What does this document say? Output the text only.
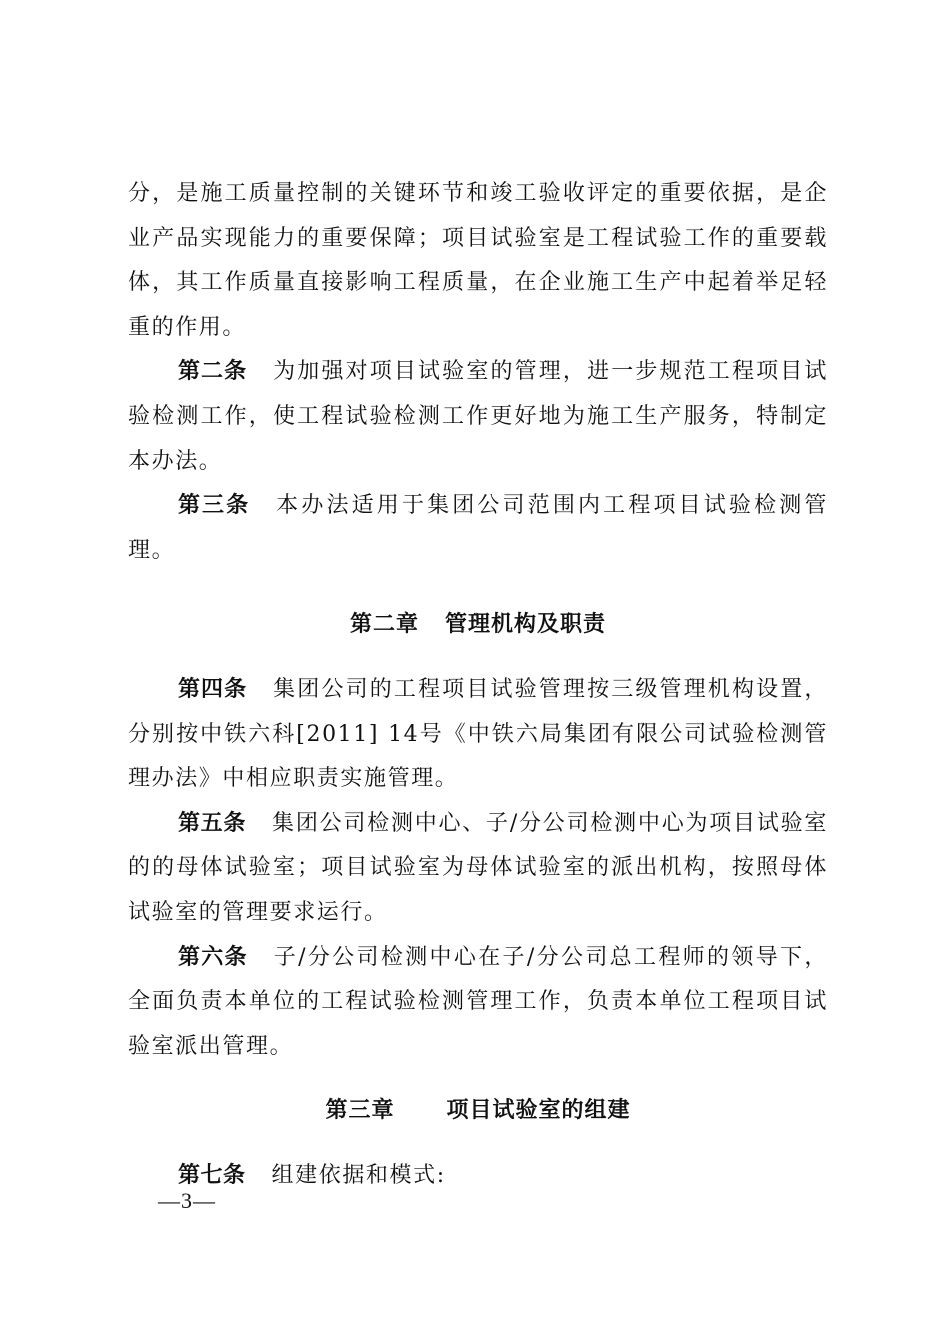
分，是施工质量控制的关键环节和竣工验收评定的重要依据，是企业产品实现能力的重要保障；项目试验室是工程试验工作的重要载体，其工作质量直接影响工程质量，在企业施工生产中起着举足轻重的作用。

第二条 为加强对项目试验室的管理，进一步规范工程项目试验检测工作，使工程试验检测工作更好地为施工生产服务，特制定本办法。

第三条 本办法适用于集团公司范围内工程项目试验检测管理。

第二章 管理机构及职责

第四条 集团公司的工程项目试验管理按三级管理机构设置，分别按中铁六科[2011] 14号《中铁六局集团有限公司试验检测管理办法》中相应职责实施管理。

第五条 集团公司检测中心、子/分公司检测中心为项目试验室的的母体试验室；项目试验室为母体试验室的派出机构，按照母体试验室的管理要求运行。

第六条 子/分公司检测中心在子/分公司总工程师的领导下，全面负责本单位的工程试验检测管理工作，负责本单位工程项目试验室派出管理。

第三章 项目试验室的组建

第七条 组建依据和模式:

—3—
